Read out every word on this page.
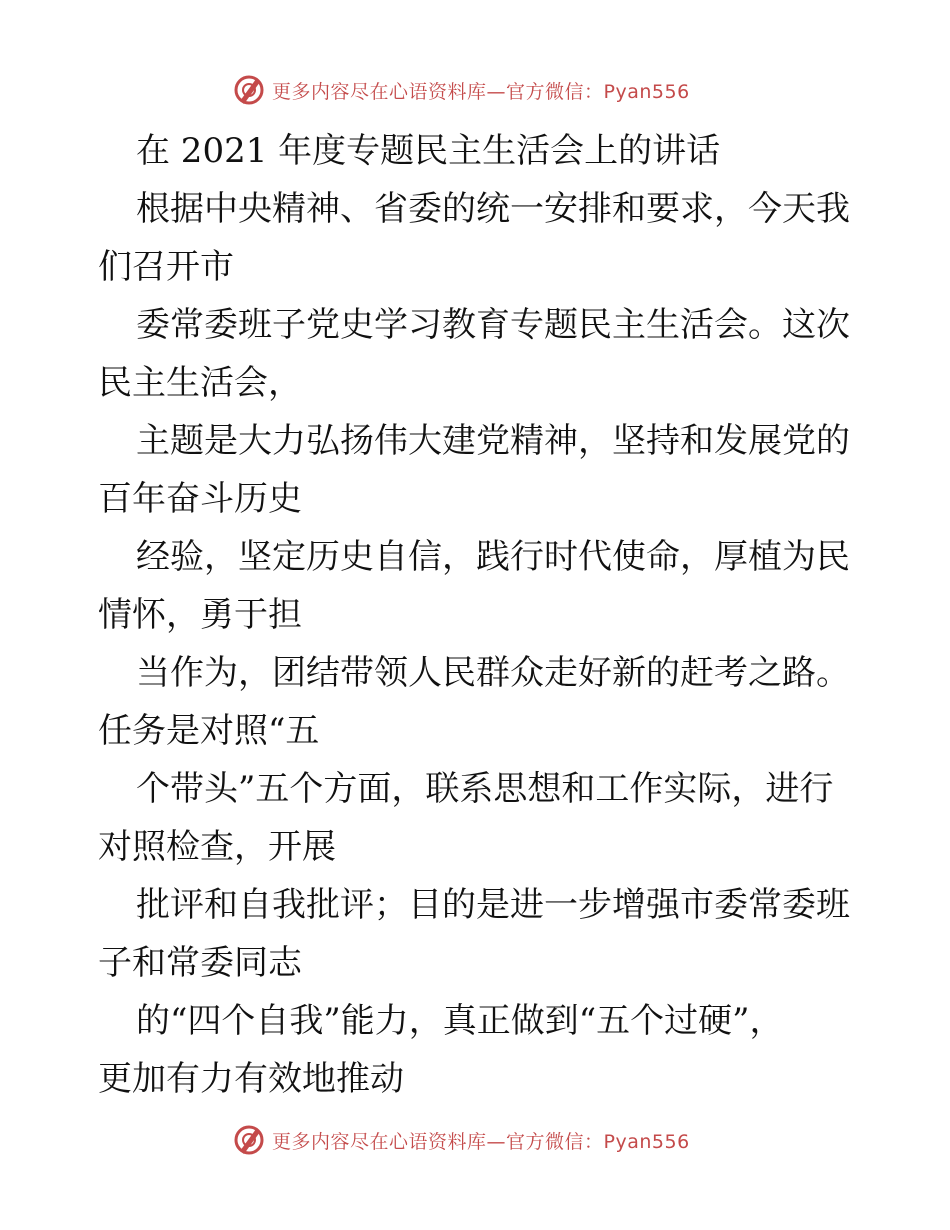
更多内容尽在心语资料库—官方微信：Pyan556
在 2021 年度专题民主生活会上的讲话
根据中央精神、省委的统一安排和要求，今天我
们召开市
委常委班子党史学习教育专题民主生活会。这次
民主生活会，
主题是大力弘扬伟大建党精神，坚持和发展党的
百年奋斗历史
经验，坚定历史自信，践行时代使命，厚植为民
情怀，勇于担
当作为，团结带领人民群众走好新的赶考之路。
任务是对照“五
个带头”五个方面，联系思想和工作实际，进行
对照检查，开展
批评和自我批评；目的是进一步增强市委常委班
子和常委同志
的“四个自我”能力，真正做到“五个过硬”，
更加有力有效地推动
更多内容尽在心语资料库—官方微信：Pyan556
